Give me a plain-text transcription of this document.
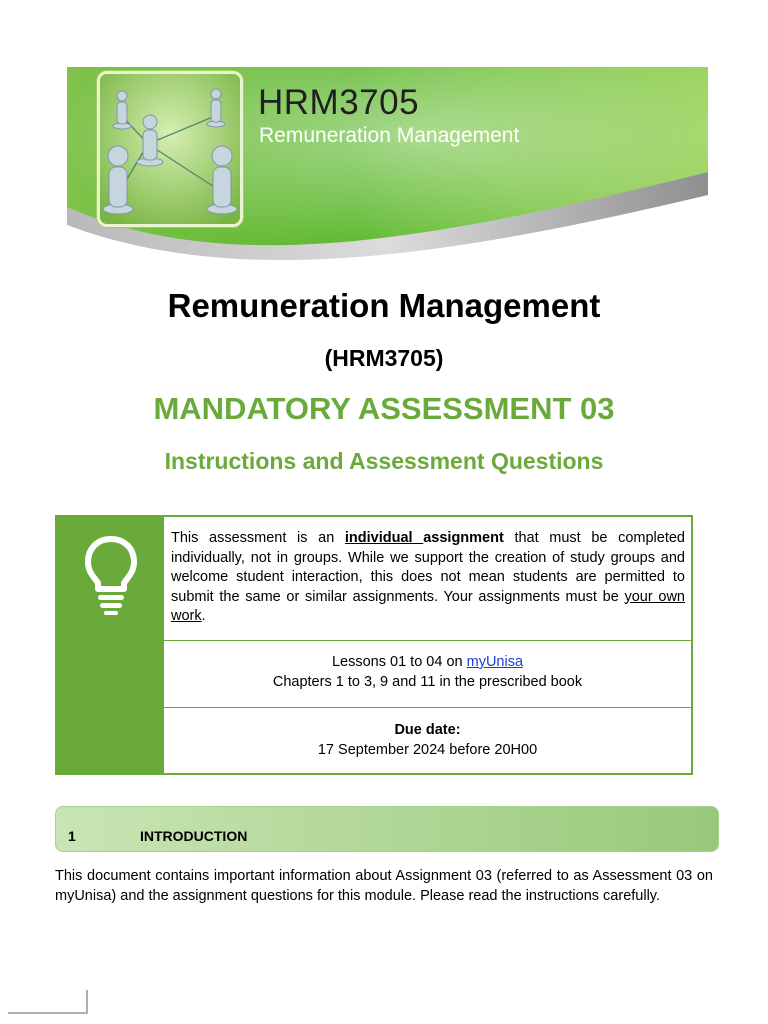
HRM3705
Remuneration Management
Remuneration Management
(HRM3705)
MANDATORY ASSESSMENT 03
Instructions and Assessment Questions
This assessment is an individual assignment that must be completed individually, not in groups. While we support the creation of study groups and welcome student interaction, this does not mean students are permitted to submit the same or similar assignments. Your assignments must be your own work.
Lessons 01 to 04 on myUnisa
Chapters 1 to 3, 9 and 11 in the prescribed book
Due date:
17 September 2024 before 20H00
1	INTRODUCTION

This document contains important information about Assignment 03 (referred to as Assessment 03 on myUnisa) and the assignment questions for this module. Please read the instructions carefully.
